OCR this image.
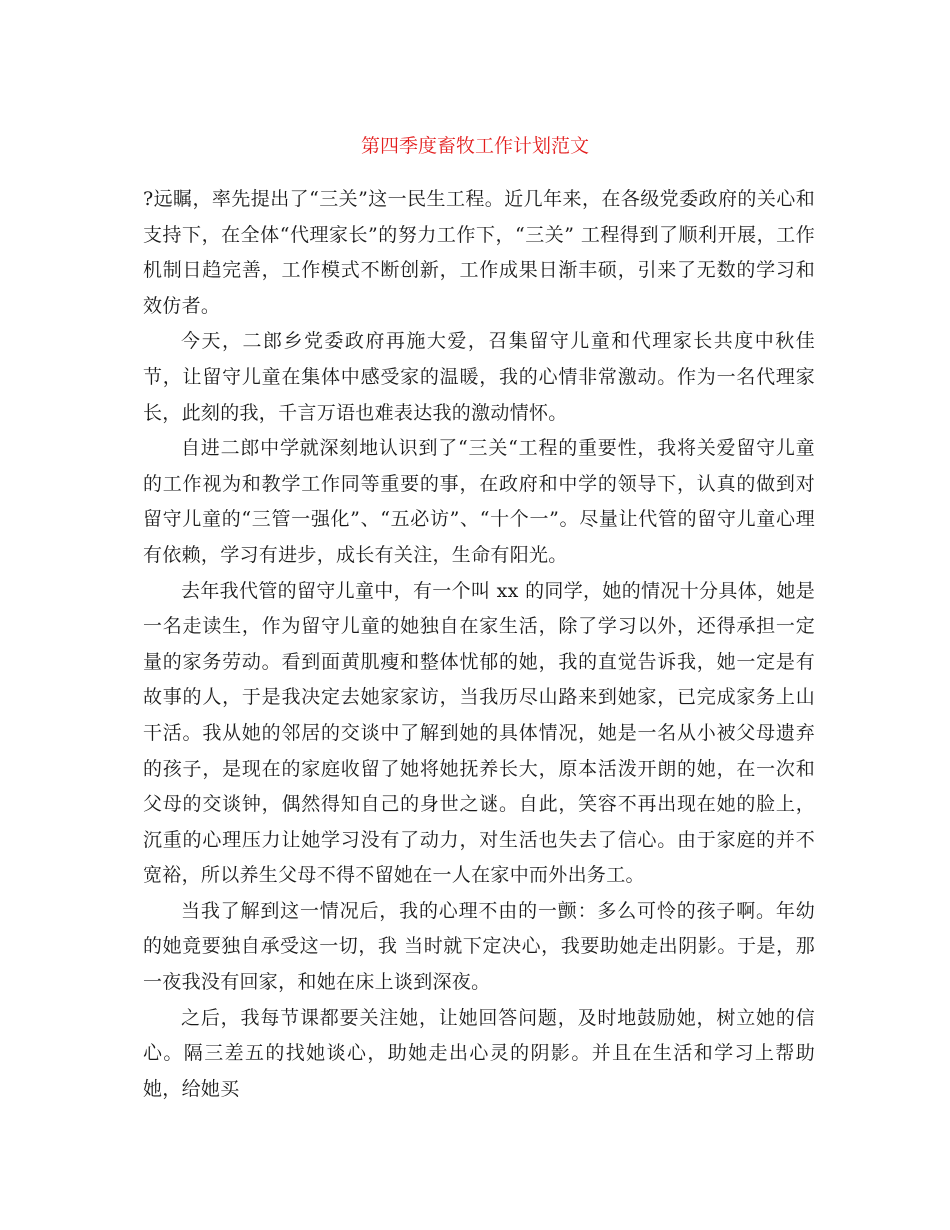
第四季度畜牧工作计划范文

?远瞩，率先提出了“三关”这一民生工程。近几年来，在各级党委政府的关心和支持下，在全体“代理家长”的努力工作下，“三关” 工程得到了顺利开展，工作机制日趋完善，工作模式不断创新，工作成果日渐丰硕，引来了无数的学习和效仿者。

今天，二郎乡党委政府再施大爱，召集留守儿童和代理家长共度中秋佳节，让留守儿童在集体中感受家的温暖，我的心情非常激动。作为一名代理家长，此刻的我，千言万语也难表达我的激动情怀。

自进二郎中学就深刻地认识到了“三关“工程的重要性，我将关爱留守儿童的工作视为和教学工作同等重要的事，在政府和中学的领导下，认真的做到对留守儿童的“三管一强化”、“五必访”、“十个一”。尽量让代管的留守儿童心理有依赖，学习有进步，成长有关注，生命有阳光。

去年我代管的留守儿童中，有一个叫 xx 的同学，她的情况十分具体，她是一名走读生，作为留守儿童的她独自在家生活，除了学习以外，还得承担一定量的家务劳动。看到面黄肌瘦和整体忧郁的她，我的直觉告诉我，她一定是有故事的人，于是我决定去她家家访，当我历尽山路来到她家，已完成家务上山干活。我从她的邻居的交谈中了解到她的具体情况，她是一名从小被父母遗弃的孩子，是现在的家庭收留了她将她抚养长大，原本活泼开朗的她，在一次和父母的交谈钟，偶然得知自己的身世之谜。自此，笑容不再出现在她的脸上，沉重的心理压力让她学习没有了动力，对生活也失去了信心。由于家庭的并不宽裕，所以养生父母不得不留她在一人在家中而外出务工。

当我了解到这一情况后，我的心理不由的一颤：多么可怜的孩子啊。年幼的她竟要独自承受这一切，我 当时就下定决心，我要助她走出阴影。于是，那一夜我没有回家，和她在床上谈到深夜。

之后，我每节课都要关注她，让她回答问题，及时地鼓励她，树立她的信心。隔三差五的找她谈心，助她走出心灵的阴影。并且在生活和学习上帮助她，给她买
